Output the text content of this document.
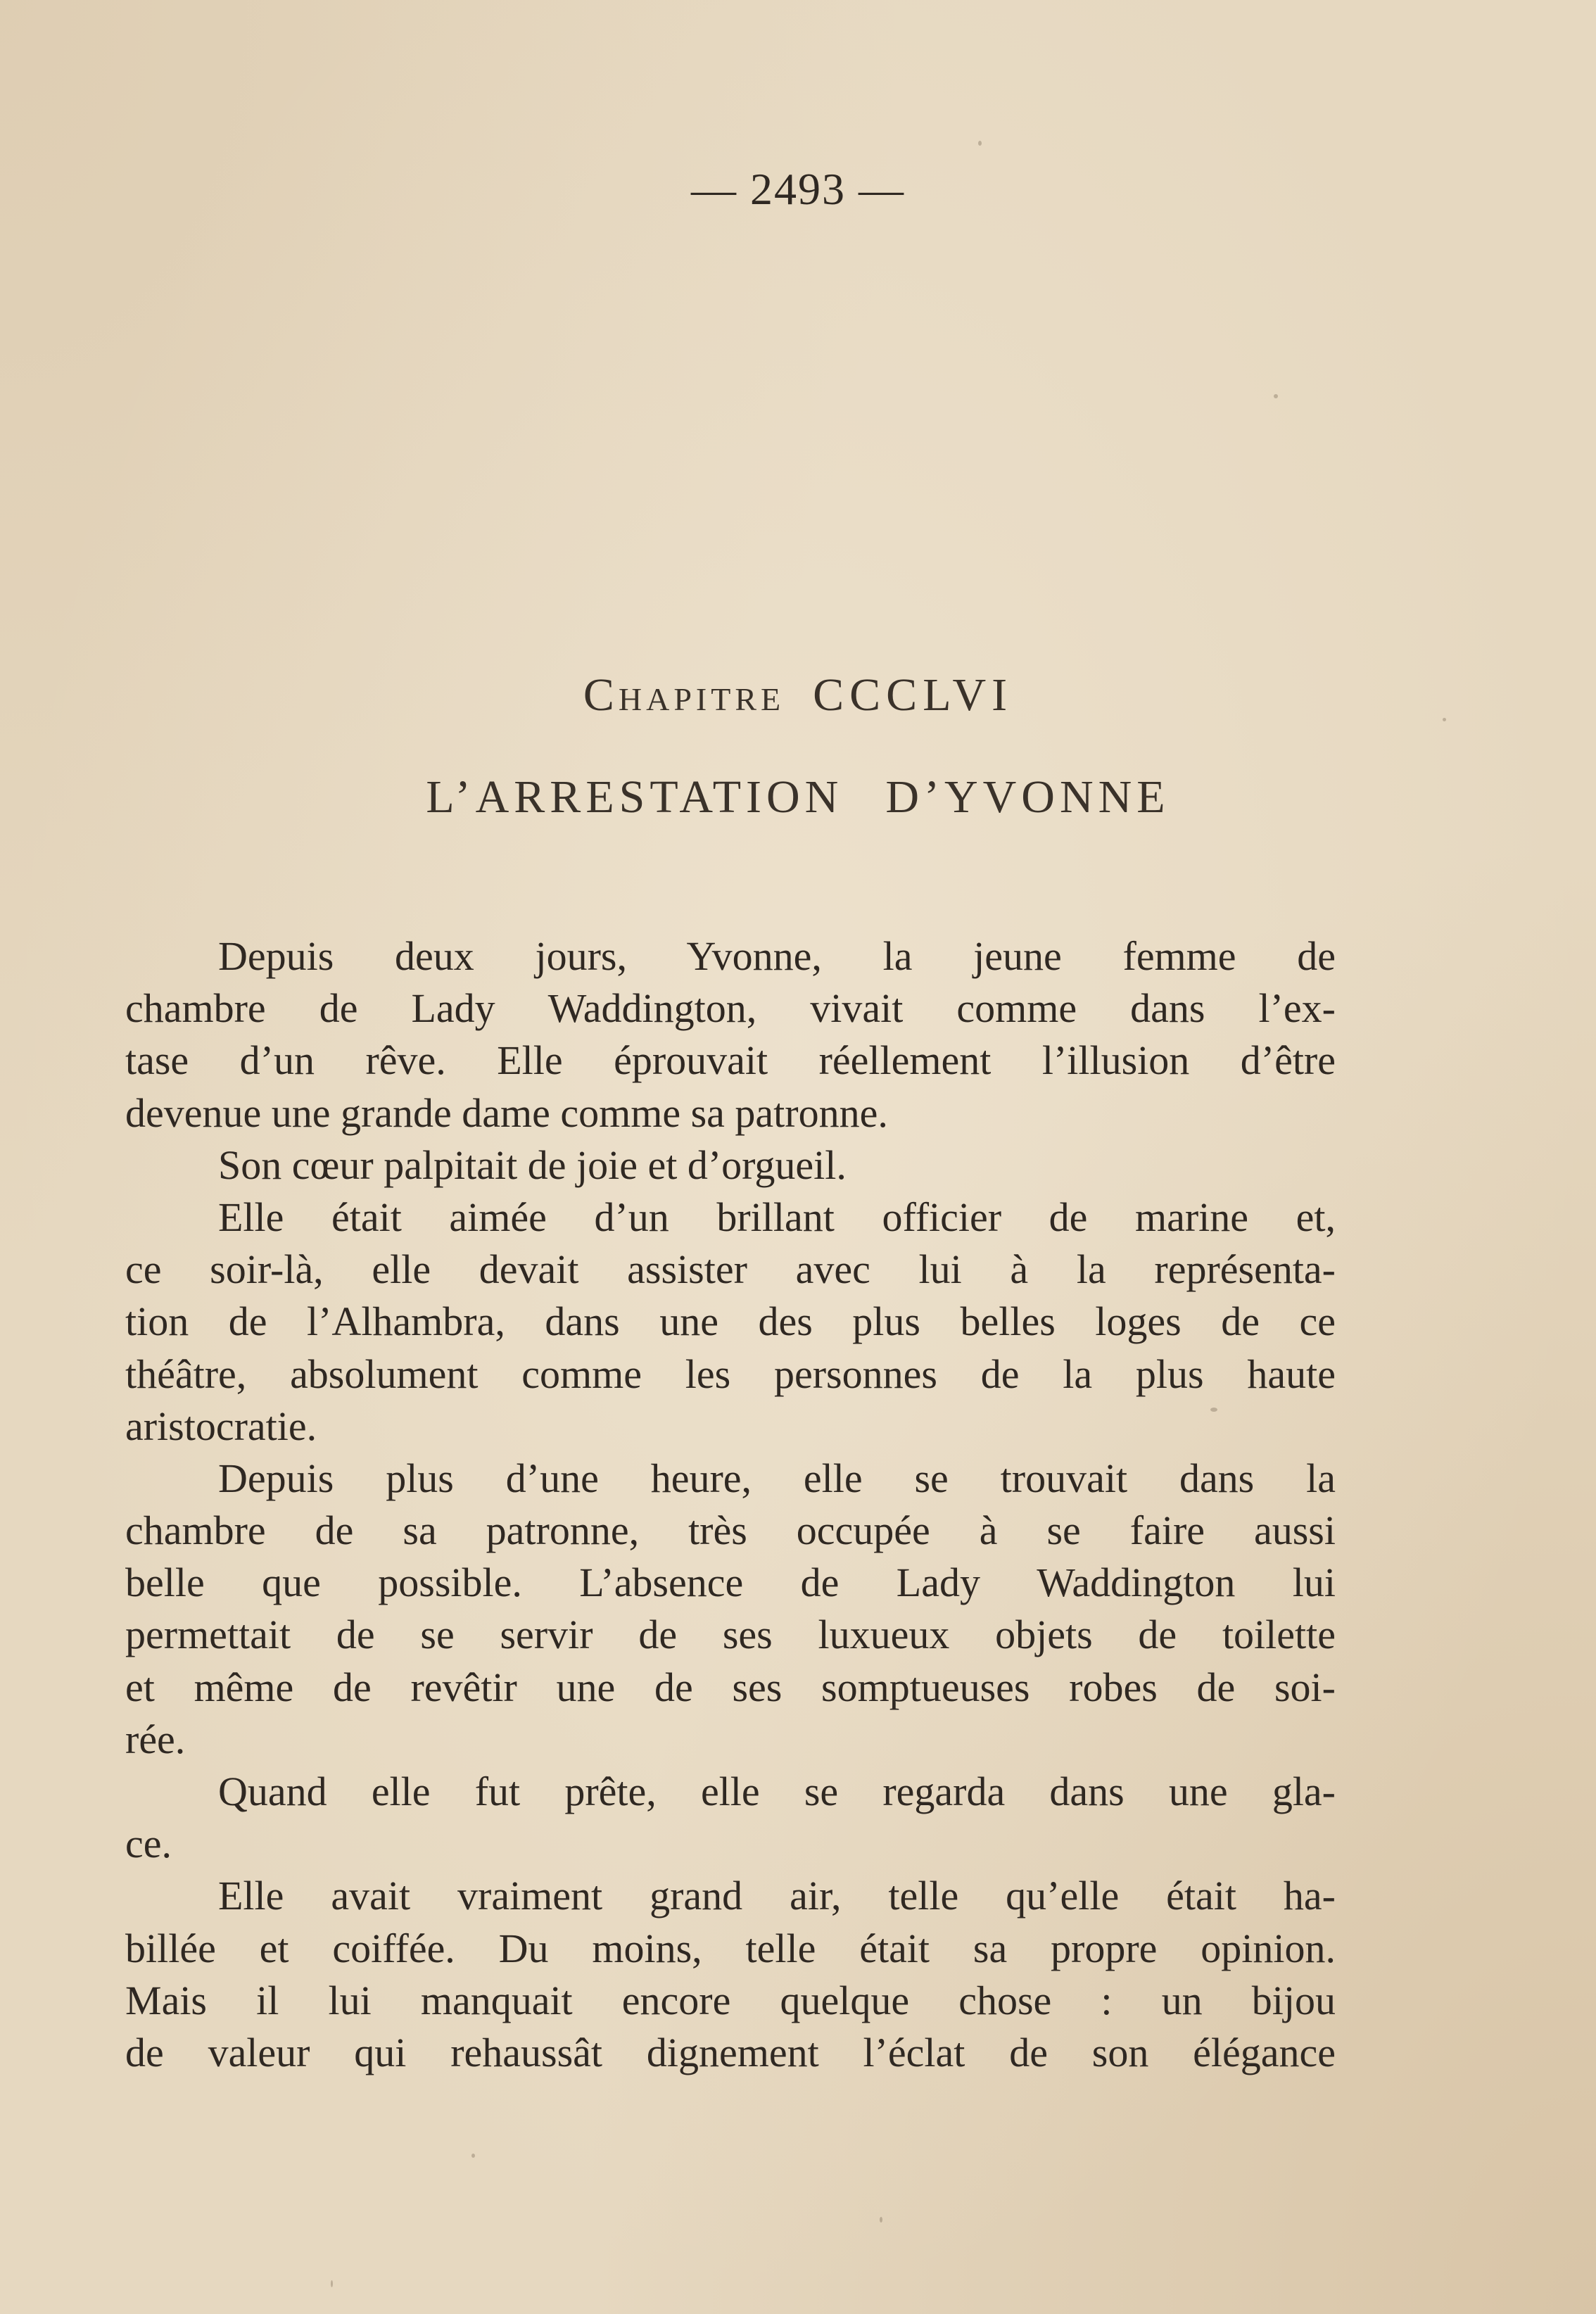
— 2493 —
Chapitre CCCLVI
L’ARRESTATION D’YVONNE
Depuis deux jours, Yvonne, la jeune femme de
chambre de Lady Waddington, vivait comme dans l’ex-
tase d’un rêve. Elle éprouvait réellement l’illusion d’être
devenue une grande dame comme sa patronne.
Son cœur palpitait de joie et d’orgueil.
Elle était aimée d’un brillant officier de marine et,
ce soir-là, elle devait assister avec lui à la représenta-
tion de l’Alhambra, dans une des plus belles loges de ce
théâtre, absolument comme les personnes de la plus haute
aristocratie.
Depuis plus d’une heure, elle se trouvait dans la
chambre de sa patronne, très occupée à se faire aussi
belle que possible. L’absence de Lady Waddington lui
permettait de se servir de ses luxueux objets de toilette
et même de revêtir une de ses somptueuses robes de soi-
rée.
Quand elle fut prête, elle se regarda dans une gla-
ce.
Elle avait vraiment grand air, telle qu’elle était ha-
billée et coiffée. Du moins, telle était sa propre opinion.
Mais il lui manquait encore quelque chose : un bijou
de valeur qui rehaussât dignement l’éclat de son élégance
